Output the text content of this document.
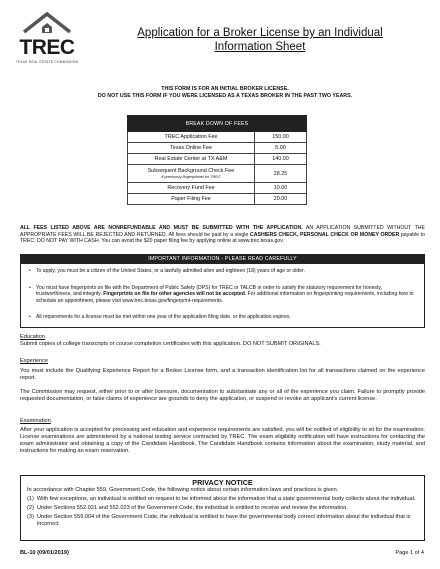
TREC
TEXAS REAL ESTATE COMMISSION
Application for a Broker License by an Individual
Information Sheet
THIS FORM IS FOR AN INITIAL BROKER LICENSE.
DO NOT USE THIS FORM IF YOU WERE LICENSED AS A TEXAS BROKER IN THE PAST TWO YEARS.
BREAK DOWN OF FEES	
TREC Application Fee	150.00
Texas Online Fee	5.00
Real Estate Center at TX A&M	140.00
Subsequent Background Check Fee
if previously fingerprinted for TREC	28.25
Recovery Fund Fee	10.00
Paper Filing Fee	20.00
ALL FEES LISTED ABOVE ARE NONREFUNDABLE AND MUST BE SUBMITTED WITH THE APPLICATION. AN APPLICATION SUBMITTED WITHOUT THE APPROPRIATE FEES WILL BE REJECTED AND RETURNED. All fees should be paid by a single CASHIERS CHECK, PERSONAL CHECK OR MONEY ORDER payable to TREC. DO NOT PAY WITH CASH. You can avoid the $20 paper filing fee by applying online at www.trec.texas.gov.
IMPORTANT INFORMATION - PLEASE READ CAREFULLY
• To apply, you must be a citizen of the United States, or a lawfully admitted alien and eighteen (18) years of age or older.
• You must have fingerprints on file with the Department of Public Safety (DPS) for TREC or TALCB in order to satisfy the statutory requirement for honesty, trustworthiness, and integrity. Fingerprints on file for other agencies will not be accepted. For additional information on fingerprinting requirements, including how to schedule an appointment, please visit www.trec.texas.gov/fingerprint-requirements.
• All requirements for a license must be met within one year of the application filing date, or the application expires.
Education
Submit copies of college transcripts or course completion certificates with this application. DO NOT SUBMIT ORIGINALS.
Experience
You must include the Qualifying Experience Report for a Broker License form, and a transaction identification list for all transactions claimed on the experience report.
The Commission may request, either prior to or after licensure, documentation to substantiate any or all of the experience you claim. Failure to promptly provide requested documentation, or false claims of experience are grounds to deny the application, or suspend or revoke an applicant's current license.
Examination
After your application is accepted for processing and education and experience requirements are satisfied, you will be notified of eligibility to sit for the examination. License examinations are administered by a national testing service contracted by TREC. The exam eligibility notification will have instructions for contacting the exam administrator and obtaining a copy of the Candidate Handbook. The Candidate Handbook contains information about the examination, study material, and instructions for making an exam reservation.
PRIVACY NOTICE
In accordance with Chapter 559, Government Code, the following notice about certain information laws and practices is given.
(1) With few exceptions, an individual is entitled on request to be informed about the information that a state governmental body collects about the individual.
(2) Under Sections 552.021 and 552.023 of the Government Code, the individual is entitled to receive and review the information.
(3) Under Section 559.004 of the Government Code, the individual is entitled to have the governmental body correct information about the individual that is incorrect
BL-10 (09/01/2019)	Page 1 of 4
